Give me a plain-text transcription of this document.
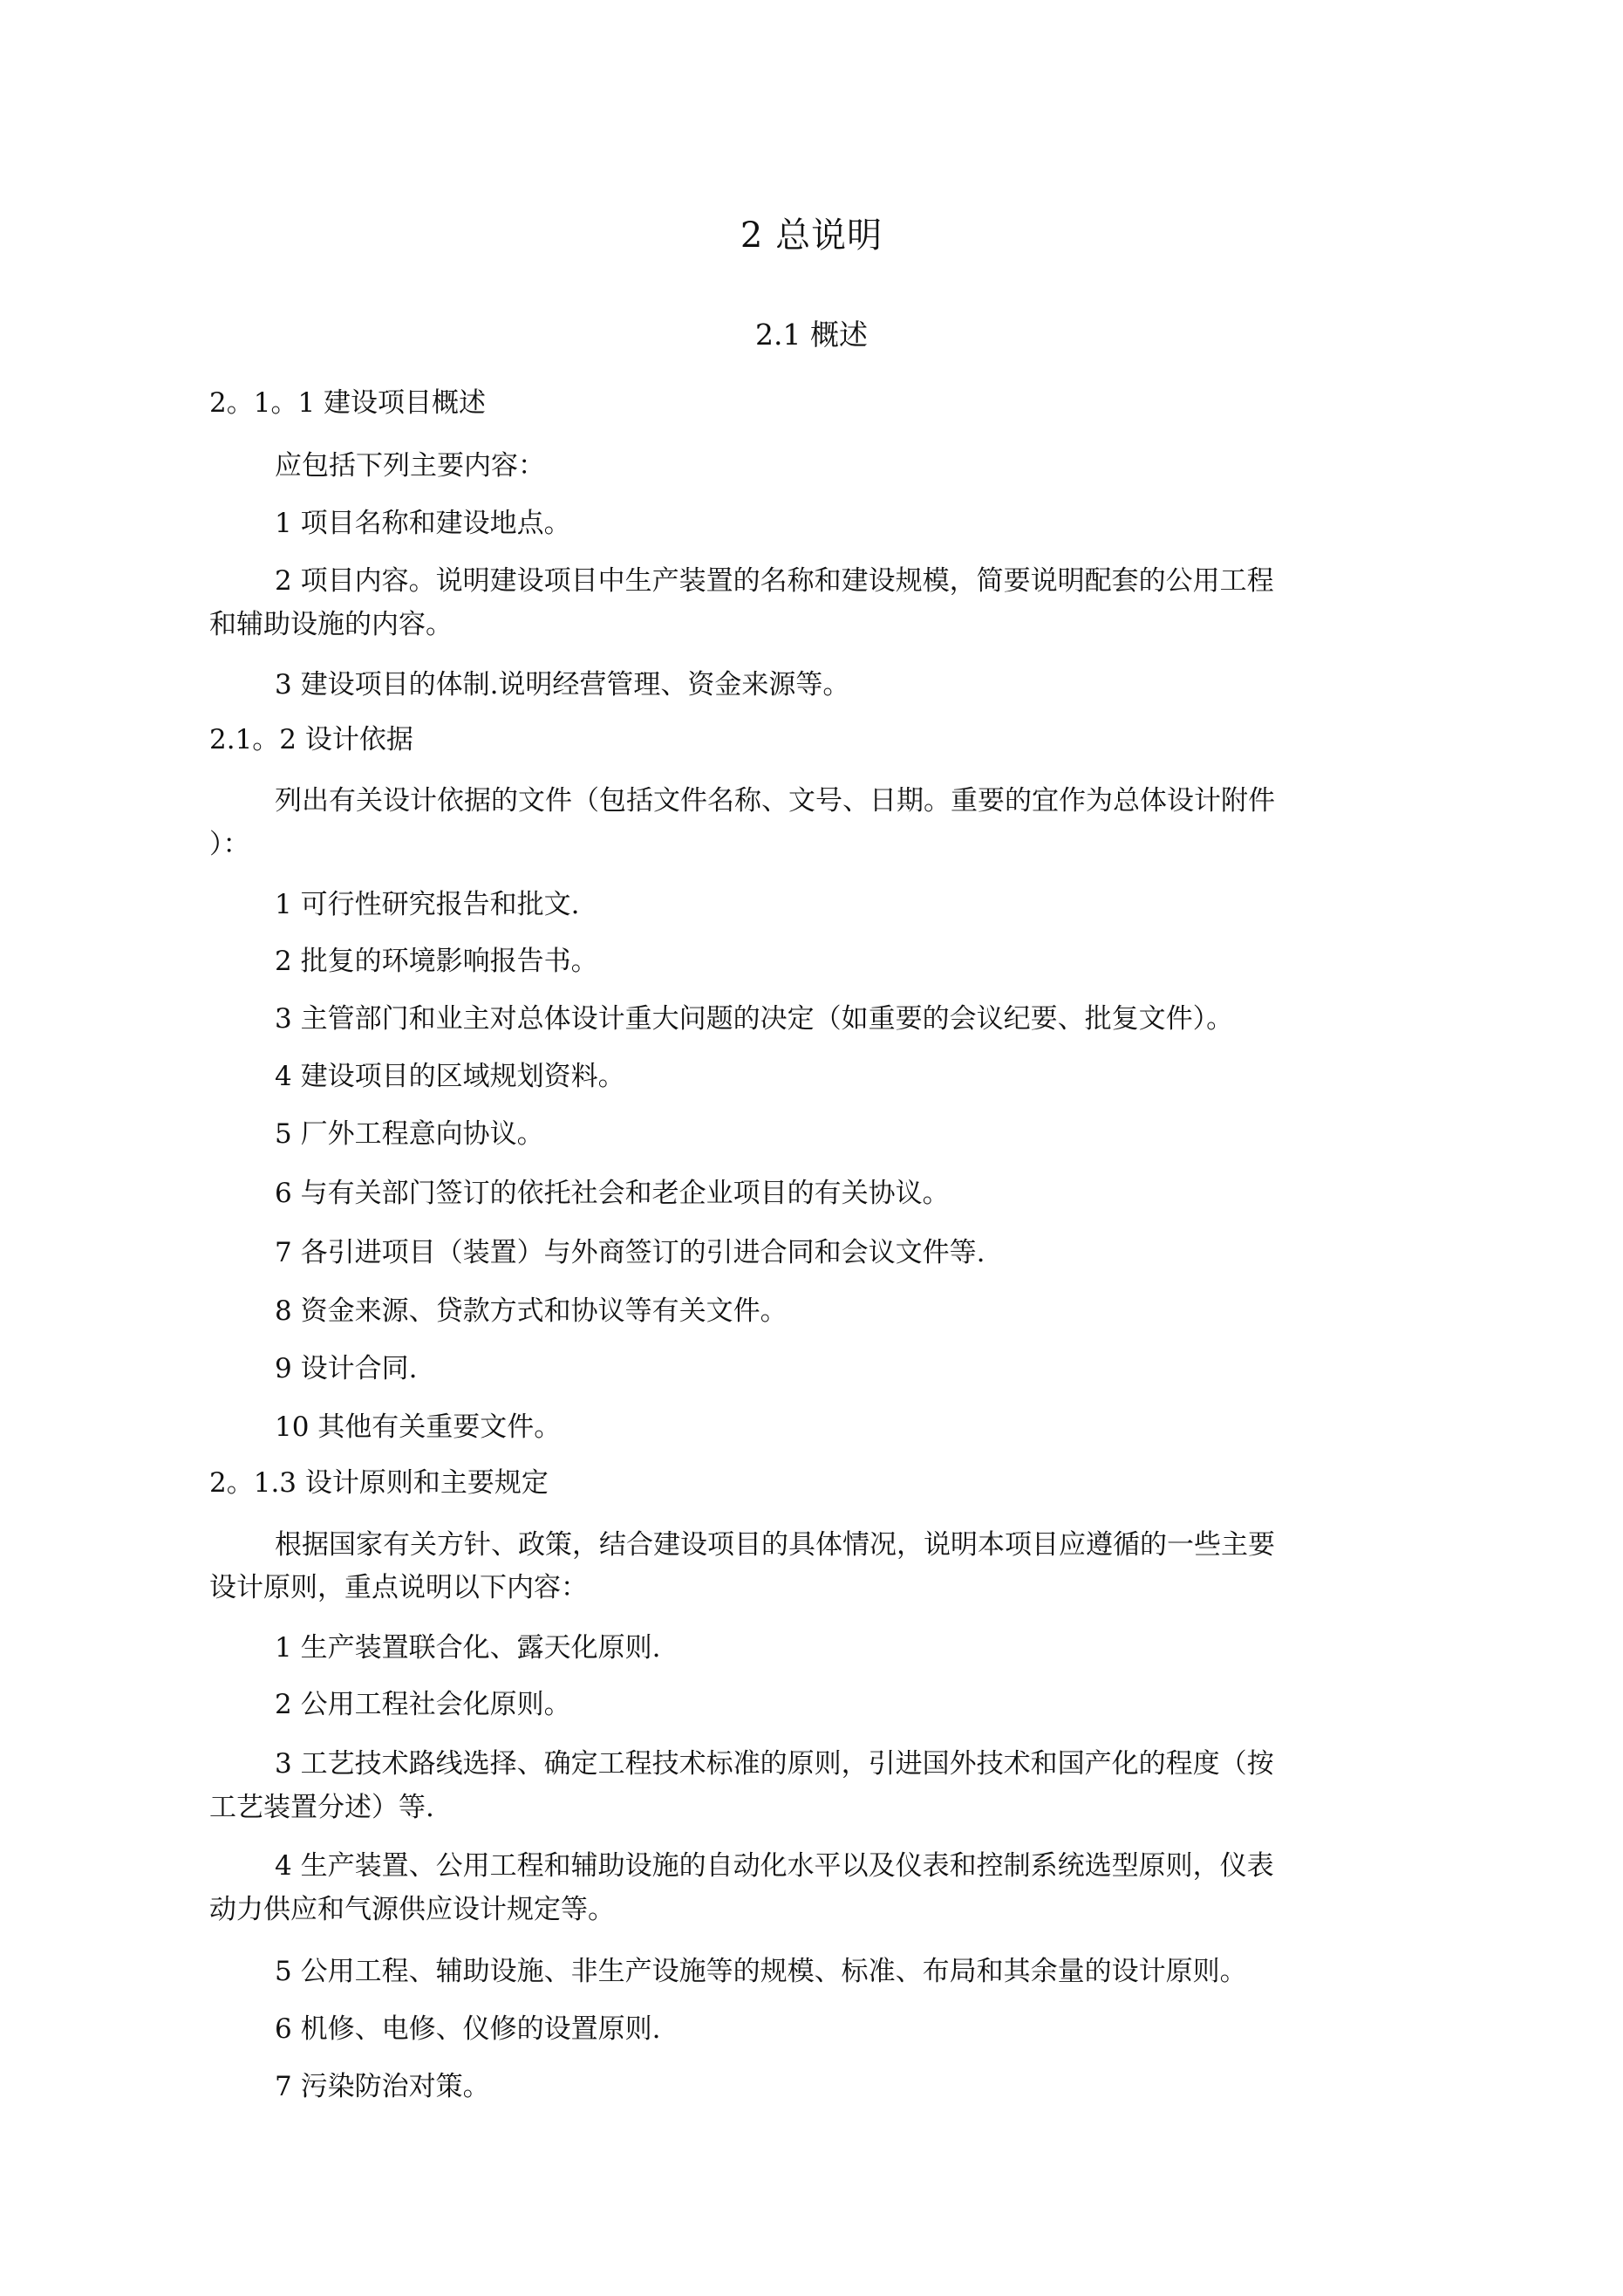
2 总说明
2.1 概述
2。1。1 建设项目概述
应包括下列主要内容：
1 项目名称和建设地点。
2 项目内容。说明建设项目中生产装置的名称和建设规模，简要说明配套的公用工程
和辅助设施的内容。
3 建设项目的体制.说明经营管理、资金来源等。
2.1。2 设计依据
列出有关设计依据的文件（包括文件名称、文号、日期。重要的宜作为总体设计附件
）：
1 可行性研究报告和批文.
2 批复的环境影响报告书。
3 主管部门和业主对总体设计重大问题的决定（如重要的会议纪要、批复文件）。
4 建设项目的区域规划资料。
5 厂外工程意向协议。
6 与有关部门签订的依托社会和老企业项目的有关协议。
7 各引进项目（装置）与外商签订的引进合同和会议文件等.
8 资金来源、贷款方式和协议等有关文件。
9 设计合同.
10 其他有关重要文件。
2。1.3 设计原则和主要规定
根据国家有关方针、政策，结合建设项目的具体情况，说明本项目应遵循的一些主要
设计原则，重点说明以下内容：
1 生产装置联合化、露天化原则.
2 公用工程社会化原则。
3 工艺技术路线选择、确定工程技术标准的原则，引进国外技术和国产化的程度（按
工艺装置分述）等.
4 生产装置、公用工程和辅助设施的自动化水平以及仪表和控制系统选型原则，仪表
动力供应和气源供应设计规定等。
5 公用工程、辅助设施、非生产设施等的规模、标准、布局和其余量的设计原则。
6 机修、电修、仪修的设置原则.
7 污染防治对策。
